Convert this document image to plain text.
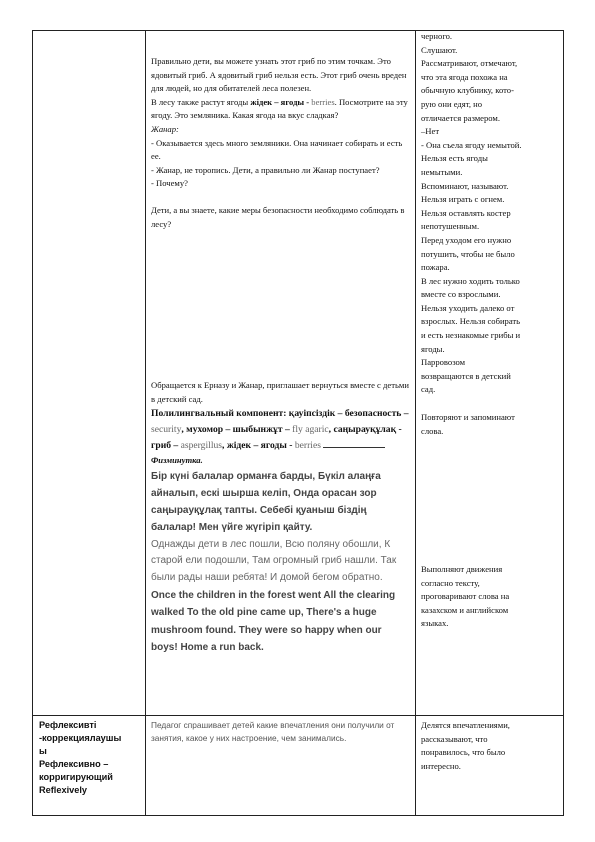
Правильно дети, вы можете узнать этот гриб по этим точкам. Это ядовитый гриб. А ядовитый гриб нельзя есть. Этот гриб очень вреден для людей, но для обитателей леса полезен.

В лесу также растут ягоды жідек – ягоды - berries. Посмотрите на эту ягоду. Это земляника. Какая ягода на вкус сладкая?

Жанар:

- Оказывается здесь много земляники. Она начинает собирать и есть ее.

- Жанар, не торопись. Дети, а правильно ли Жанар поступает?

- Почему?

Дети, а вы знаете, какие меры безопасности необходимо соблюдать в лесу?

Обращается к Ерназу и Жанар, приглашает вернуться вместе с детьми в детский сад.

Полилингвальный компонент: қауіпсіздік – безопасность – security, мухомор – шыбынжұт – fly agaric, саңырауқұлақ - гриб – aspergillus, жідек – ягоды - berries

Физминутка.

Бір күні балалар орманға барды, Бүкіл алаңға айналып, ескі шырша келіп, Онда орасан зор саңырауқұлақ тапты. Себебі қуаныш біздің балалар! Мен үйге жүгіріп қайту.

Однажды дети в лес пошли, Всю поляну обошли, К старой ели подошли, Там огромный гриб нашли. Так были рады наши ребята! И домой бегом обратно.

Once the children in the forest went All the clearing walked To the old pine came up, There's a huge mushroom found. They were so happy when our boys! Home a run back.

черного.

Слушают.

Рассматривают, отмечают,

что эта ягода похожа на

обычную клубнику, кото-

рую они едят, но

отличается размером.

–Нет

- Она съела ягоду немытой.

Нельзя есть ягоды

немытыми.

Вспоминают, называют.

Нельзя играть с огнем.

Нельзя оставлять костер

непотушенным.

Перед уходом его нужно

потушить, чтобы не было

пожара.

В лес нужно ходить только

вместе со взрослыми.

Нельзя уходить далеко от

взрослых. Нельзя собирать

и есть незнакомые грибы и

ягоды.

Парровозом

возвращаются в детский

сад.

Повторяют и запоминают

слова.

Выполняют движения

согласно тексту,

проговаривают слова на

казахском и английском

языках.

Рефлексивті

-коррекциялаушы

ы

Рефлексивно –

корригирующий

Reflexively

Педагог спрашивает детей какие впечатления они получили от занятия, какое у них настроение, чем занимались.

Делятся впечатлениями,

рассказывают, что

понравилось, что было

интересно.
